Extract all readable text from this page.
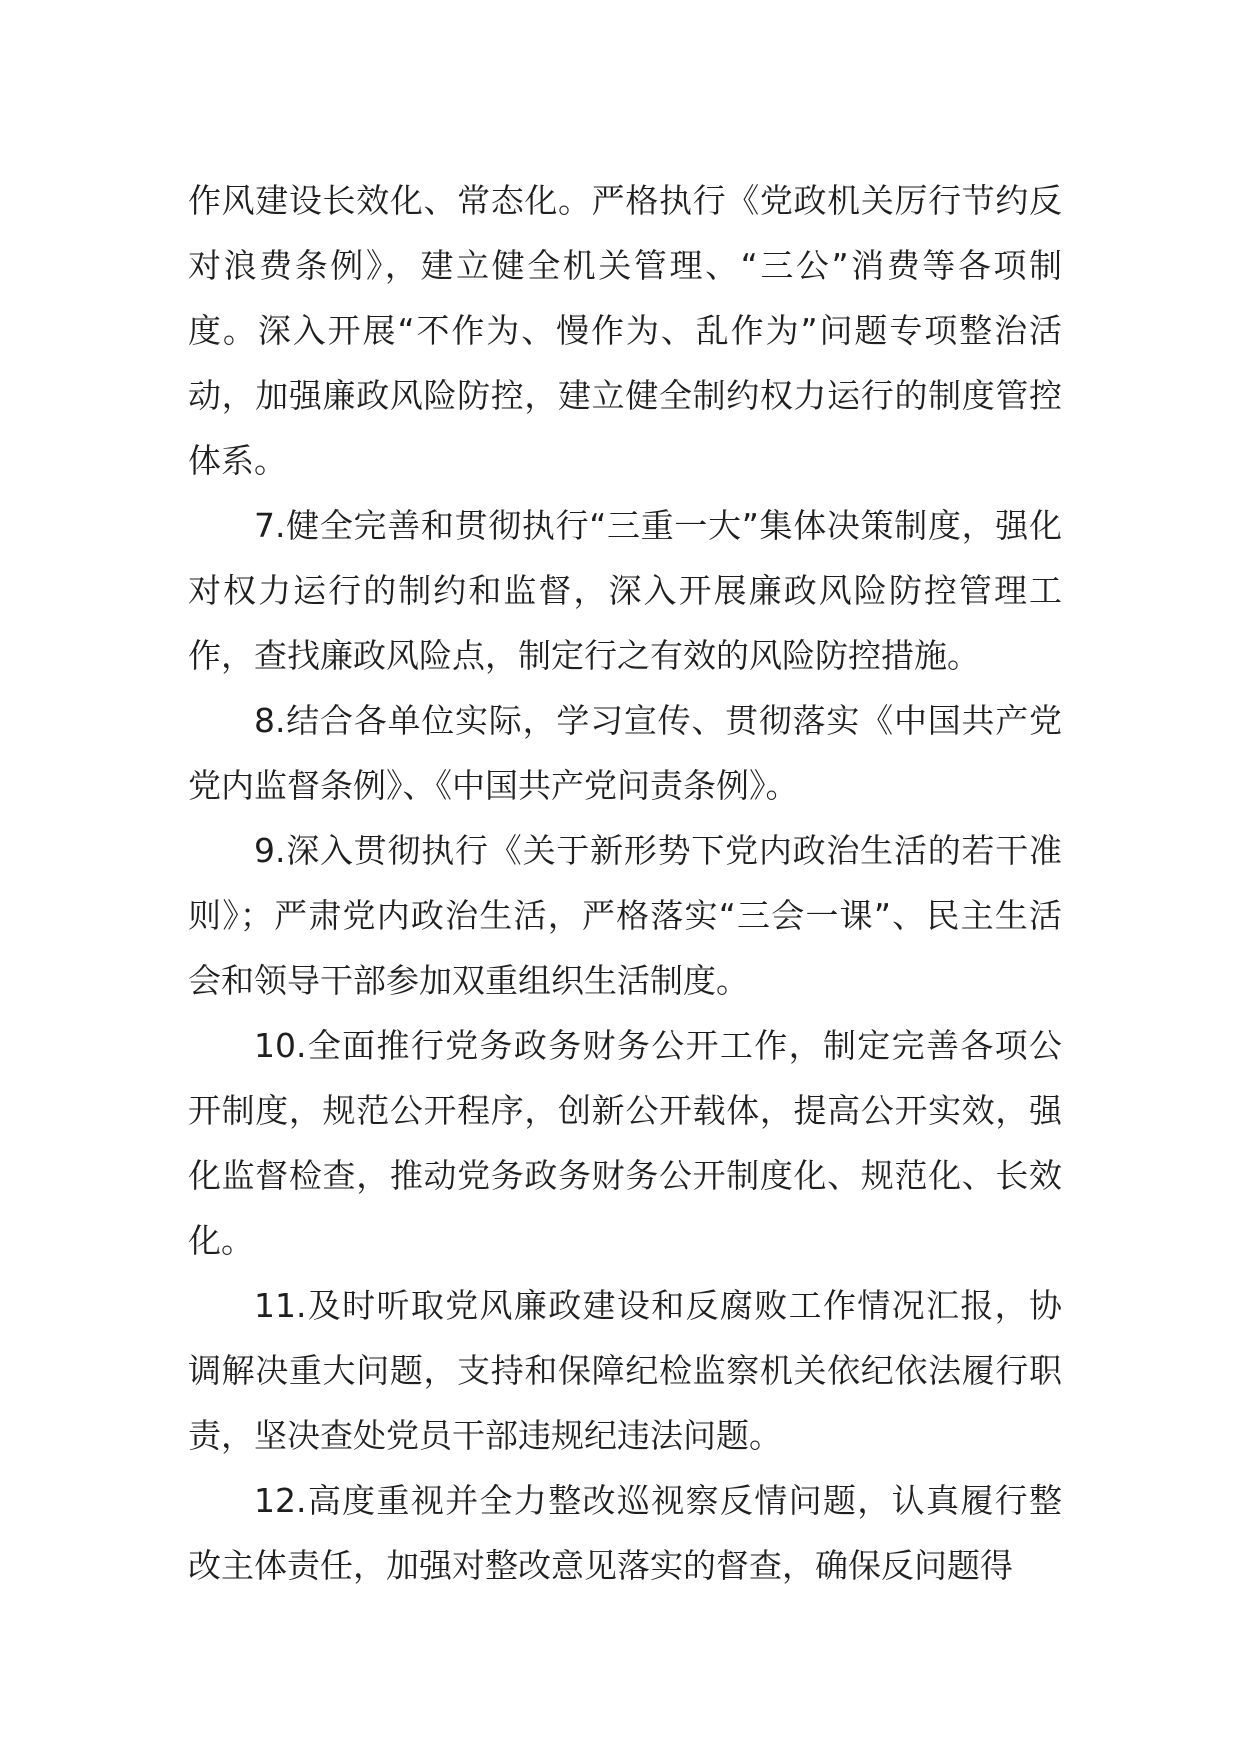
作风建设长效化、常态化。严格执行《党政机关厉行节约反对浪费条例》，建立健全机关管理、“三公”消费等各项制度。深入开展“不作为、慢作为、乱作为”问题专项整治活动，加强廉政风险防控，建立健全制约权力运行的制度管控体系。

7.健全完善和贯彻执行“三重一大”集体决策制度，强化对权力运行的制约和监督，深入开展廉政风险防控管理工作，查找廉政风险点，制定行之有效的风险防控措施。

8.结合各单位实际，学习宣传、贯彻落实《中国共产党党内监督条例》、《中国共产党问责条例》。

9.深入贯彻执行《关于新形势下党内政治生活的若干准则》；严肃党内政治生活，严格落实“三会一课”、民主生活会和领导干部参加双重组织生活制度。

10.全面推行党务政务财务公开工作，制定完善各项公开制度，规范公开程序，创新公开载体，提高公开实效，强化监督检查，推动党务政务财务公开制度化、规范化、长效化。

11.及时听取党风廉政建设和反腐败工作情况汇报，协调解决重大问题，支持和保障纪检监察机关依纪依法履行职责，坚决查处党员干部违规纪违法问题。

12.高度重视并全力整改巡视察反情问题，认真履行整改主体责任，加强对整改意见落实的督查，确保反问题得
